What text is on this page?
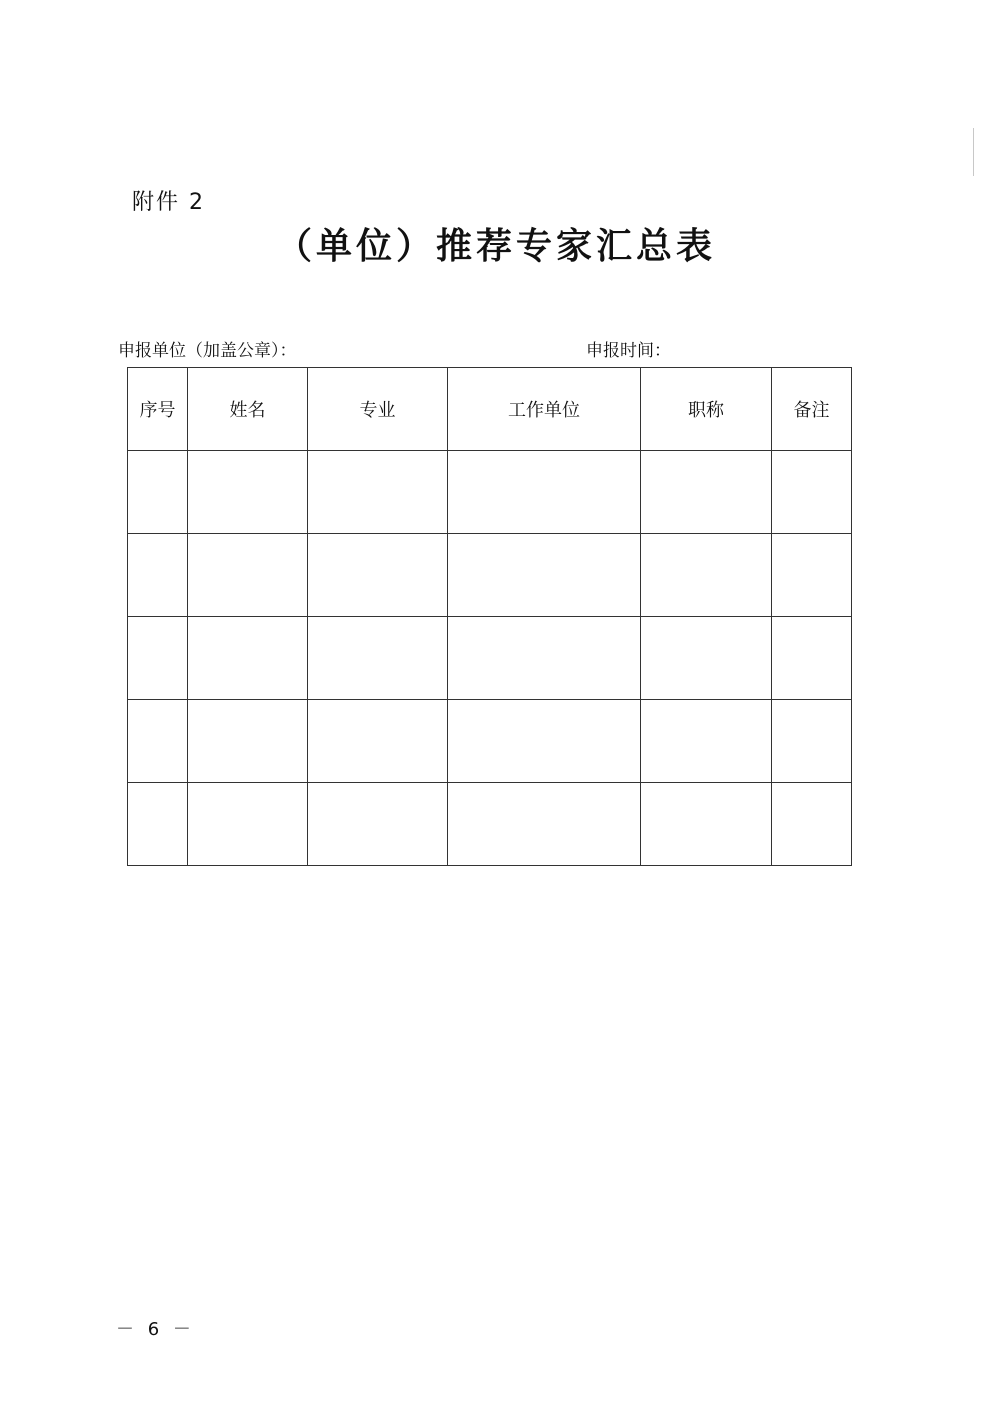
附件 2
（单位）推荐专家汇总表
申报单位（加盖公章）：	申报时间：
序号	姓名	专业	工作单位	职称	备注

－ 6 －
